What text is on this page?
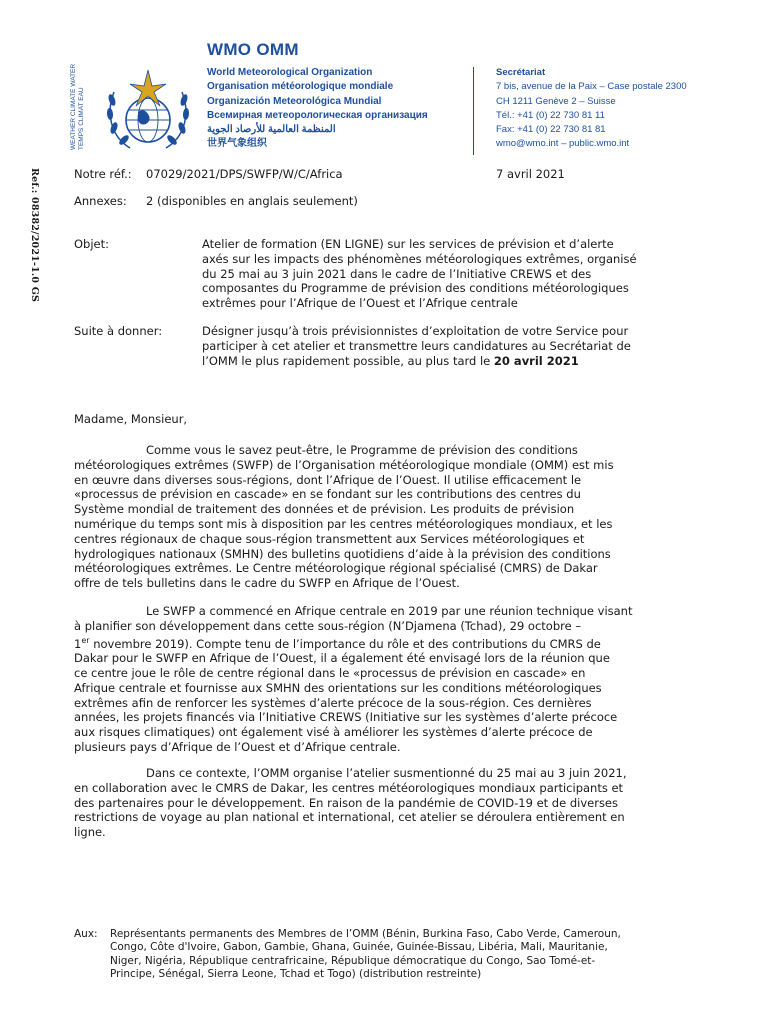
Ref.: 08382/2021-1.0 GS
WEATHER CLIMATE WATER TEMPS CLIMAT EAU
WMO OMM
World Meteorological Organization
Organisation météorologique mondiale
Organización Meteorológica Mundial
Всемирная метеорологическая организация
المنظمة العالمية للأرصاد الجوية
世界气象组织
Secrétariat
7 bis, avenue de la Paix – Case postale 2300
CH 1211 Genève 2 – Suisse
Tél.: +41 (0) 22 730 81 11
Fax: +41 (0) 22 730 81 81
wmo@wmo.int – public.wmo.int
Notre réf.: 07029/2021/DPS/SWFP/W/C/Africa	7 avril 2021
Annexes: 2 (disponibles en anglais seulement)
Objet:	Atelier de formation (EN LIGNE) sur les services de prévision et d’alerte
axés sur les impacts des phénomènes météorologiques extrêmes, organisé
du 25 mai au 3 juin 2021 dans le cadre de l’Initiative CREWS et des
composantes du Programme de prévision des conditions météorologiques
extrêmes pour l’Afrique de l’Ouest et l’Afrique centrale
Suite à donner:	Désigner jusqu’à trois prévisionnistes d’exploitation de votre Service pour
participer à cet atelier et transmettre leurs candidatures au Secrétariat de
l’OMM le plus rapidement possible, au plus tard le 20 avril 2021
Madame, Monsieur,
Comme vous le savez peut-être, le Programme de prévision des conditions
météorologiques extrêmes (SWFP) de l’Organisation météorologique mondiale (OMM) est mis
en œuvre dans diverses sous-régions, dont l’Afrique de l’Ouest. Il utilise efficacement le
«processus de prévision en cascade» en se fondant sur les contributions des centres du
Système mondial de traitement des données et de prévision. Les produits de prévision
numérique du temps sont mis à disposition par les centres météorologiques mondiaux, et les
centres régionaux de chaque sous-région transmettent aux Services météorologiques et
hydrologiques nationaux (SMHN) des bulletins quotidiens d’aide à la prévision des conditions
météorologiques extrêmes. Le Centre météorologique régional spécialisé (CMRS) de Dakar
offre de tels bulletins dans le cadre du SWFP en Afrique de l’Ouest.
Le SWFP a commencé en Afrique centrale en 2019 par une réunion technique visant
à planifier son développement dans cette sous-région (N’Djamena (Tchad), 29 octobre –
1er novembre 2019). Compte tenu de l’importance du rôle et des contributions du CMRS de
Dakar pour le SWFP en Afrique de l’Ouest, il a également été envisagé lors de la réunion que
ce centre joue le rôle de centre régional dans le «processus de prévision en cascade» en
Afrique centrale et fournisse aux SMHN des orientations sur les conditions météorologiques
extrêmes afin de renforcer les systèmes d’alerte précoce de la sous-région. Ces dernières
années, les projets financés via l’Initiative CREWS (Initiative sur les systèmes d’alerte précoce
aux risques climatiques) ont également visé à améliorer les systèmes d’alerte précoce de
plusieurs pays d’Afrique de l’Ouest et d’Afrique centrale.
Dans ce contexte, l’OMM organise l’atelier susmentionné du 25 mai au 3 juin 2021,
en collaboration avec le CMRS de Dakar, les centres météorologiques mondiaux participants et
des partenaires pour le développement. En raison de la pandémie de COVID-19 et de diverses
restrictions de voyage au plan national et international, cet atelier se déroulera entièrement en
ligne.
Aux: Représentants permanents des Membres de l’OMM (Bénin, Burkina Faso, Cabo Verde, Cameroun,
Congo, Côte d'Ivoire, Gabon, Gambie, Ghana, Guinée, Guinée-Bissau, Libéria, Mali, Mauritanie,
Niger, Nigéria, République centrafricaine, République démocratique du Congo, Sao Tomé-et-
Principe, Sénégal, Sierra Leone, Tchad et Togo) (distribution restreinte)
